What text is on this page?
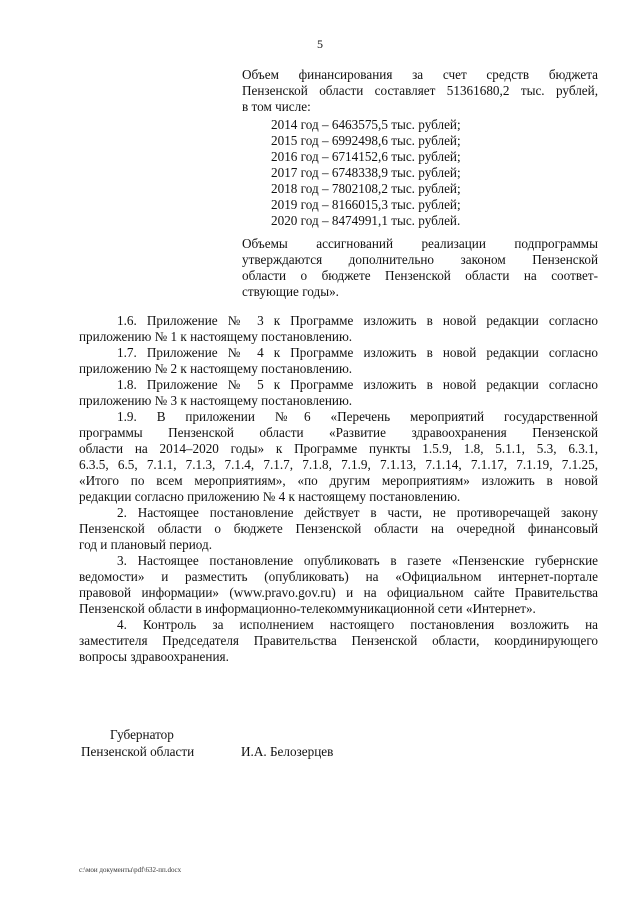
5
Объем финансирования за счет средств бюджета
Пензенской области составляет 51361680,2 тыс. рублей,
в том числе:
2014 год – 6463575,5 тыс. рублей;
2015 год – 6992498,6 тыс. рублей;
2016 год – 6714152,6 тыс. рублей;
2017 год – 6748338,9 тыс. рублей;
2018 год – 7802108,2 тыс. рублей;
2019 год – 8166015,3 тыс. рублей;
2020 год – 8474991,1 тыс. рублей.
Объемы ассигнований реализации подпрограммы
утверждаются дополнительно законом Пензенской
области о бюджете Пензенской области на соответ-
ствующие годы».
1.6. Приложение № 3 к Программе изложить в новой редакции согласно
приложению № 1 к настоящему постановлению.
1.7. Приложение № 4 к Программе изложить в новой редакции согласно
приложению № 2 к настоящему постановлению.
1.8. Приложение № 5 к Программе изложить в новой редакции согласно
приложению № 3 к настоящему постановлению.
1.9. В приложении №6 «Перечень мероприятий государственной
программы Пензенской области «Развитие здравоохранения Пензенской
области на 2014–2020 годы» к Программе пункты 1.5.9, 1.8, 5.1.1, 5.3, 6.3.1,
6.3.5, 6.5, 7.1.1, 7.1.3, 7.1.4, 7.1.7, 7.1.8, 7.1.9, 7.1.13, 7.1.14, 7.1.17, 7.1.19, 7.1.25,
«Итого по всем мероприятиям», «по другим мероприятиям» изложить в новой
редакции согласно приложению № 4 к настоящему постановлению.
2. Настоящее постановление действует в части, не противоречащей закону
Пензенской области о бюджете Пензенской области на очередной финансовый
год и плановый период.
3. Настоящее постановление опубликовать в газете «Пензенские губернские
ведомости» и разместить (опубликовать) на «Официальном интернет-портале
правовой информации» (www.pravo.gov.ru) и на официальном сайте Правительства
Пензенской области в информационно-телекоммуникационной сети «Интернет».
4. Контроль за исполнением настоящего постановления возложить на
заместителя Председателя Правительства Пензенской области, координирующего
вопросы здравоохранения.
Губернатор
Пензенской области	И.А. Белозерцев
c:\мои документы\pdf\632-пп.docx
